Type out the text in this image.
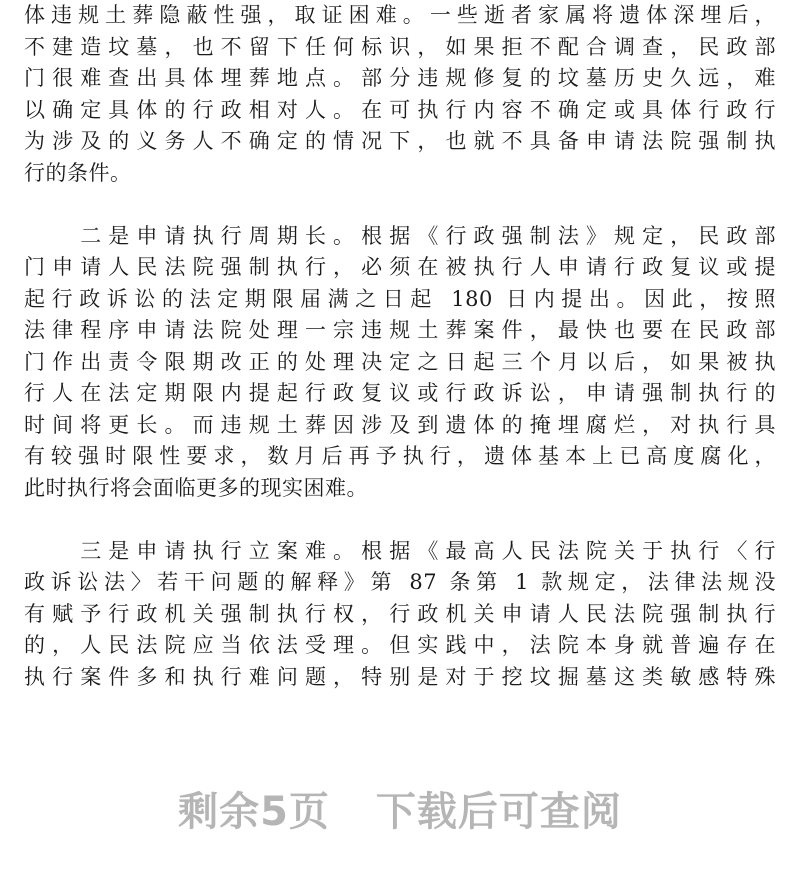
体违规土葬隐蔽性强，取证困难。一些逝者家属将遗体深埋后，
不建造坟墓，也不留下任何标识，如果拒不配合调查，民政部
门很难查出具体埋葬地点。部分违规修复的坟墓历史久远，难
以确定具体的行政相对人。在可执行内容不确定或具体行政行
为涉及的义务人不确定的情况下，也就不具备申请法院强制执
行的条件。
　　二是申请执行周期长。根据《行政强制法》规定，民政部
门申请人民法院强制执行，必须在被执行人申请行政复议或提
起行政诉讼的法定期限届满之日起 180 日内提出。因此，按照
法律程序申请法院处理一宗违规土葬案件，最快也要在民政部
门作出责令限期改正的处理决定之日起三个月以后，如果被执
行人在法定期限内提起行政复议或行政诉讼，申请强制执行的
时间将更长。而违规土葬因涉及到遗体的掩埋腐烂，对执行具
有较强时限性要求，数月后再予执行，遗体基本上已高度腐化，
此时执行将会面临更多的现实困难。
　　三是申请执行立案难。根据《最高人民法院关于执行〈行
政诉讼法〉若干问题的解释》第 87 条第 1 款规定，法律法规没
有赋予行政机关强制执行权，行政机关申请人民法院强制执行
的，人民法院应当依法受理。但实践中，法院本身就普遍存在
执行案件多和执行难问题，特别是对于挖坟掘墓这类敏感特殊
剩余5页 下载后可查阅
